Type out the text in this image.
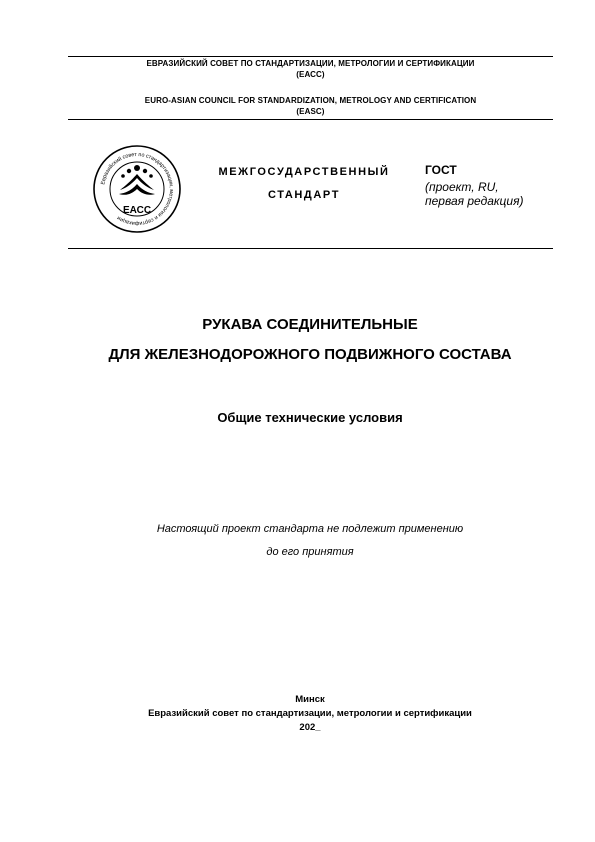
ЕВРАЗИЙСКИЙ СОВЕТ ПО СТАНДАРТИЗАЦИИ, МЕТРОЛОГИИ И СЕРТИФИКАЦИИ
(ЕАСС)
EURO-ASIAN COUNCIL FOR STANDARDIZATION, METROLOGY AND CERTIFICATION
(EASC)
Евразийский совет по стандартизации, метрологии и сертификации
ЕАСС
МЕЖГОСУДАРСТВЕННЫЙ
СТАНДАРТ
ГОСТ
(проект, RU,
первая редакция)
РУКАВА СОЕДИНИТЕЛЬНЫЕ
ДЛЯ ЖЕЛЕЗНОДОРОЖНОГО ПОДВИЖНОГО СОСТАВА
Общие технические условия
Настоящий проект стандарта не подлежит применению
до его принятия
Минск
Евразийский совет по стандартизации, метрологии и сертификации
202_
